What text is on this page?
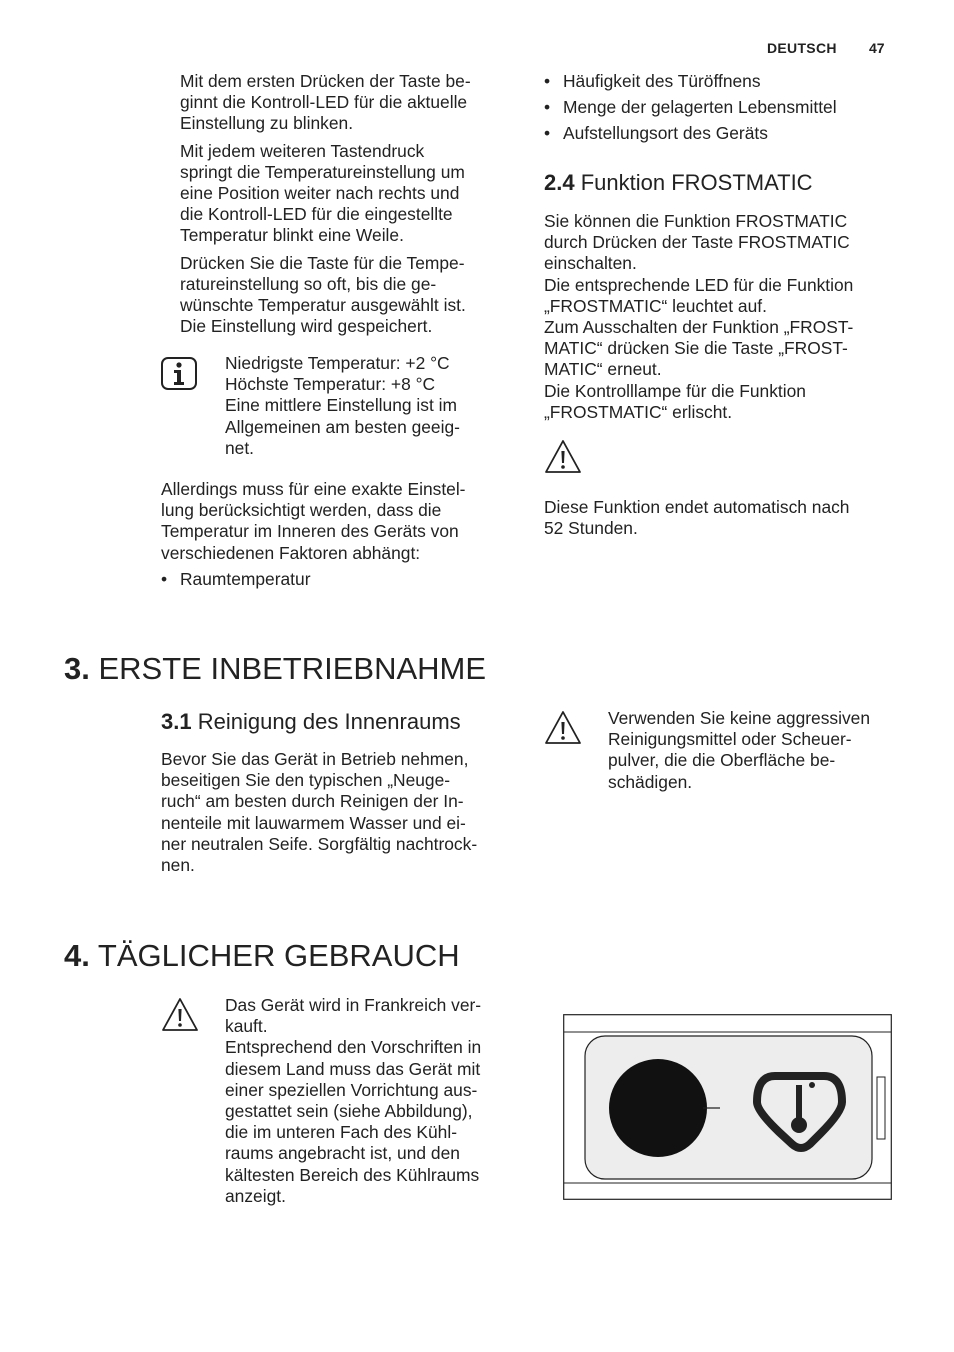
DEUTSCH 47
Mit dem ersten Drücken der Taste be-
ginnt die Kontroll-LED für die aktuelle
Einstellung zu blinken.
Mit jedem weiteren Tastendruck
springt die Temperatureinstellung um
eine Position weiter nach rechts und
die Kontroll-LED für die eingestellte
Temperatur blinkt eine Weile.
Drücken Sie die Taste für die Tempe-
ratureinstellung so oft, bis die ge-
wünschte Temperatur ausgewählt ist.
Die Einstellung wird gespeichert.
Niedrigste Temperatur: +2 °C
Höchste Temperatur: +8 °C
Eine mittlere Einstellung ist im
Allgemeinen am besten geeig-
net.
Allerdings muss für eine exakte Einstel-
lung berücksichtigt werden, dass die
Temperatur im Inneren des Geräts von
verschiedenen Faktoren abhängt:
• Raumtemperatur
• Häufigkeit des Türöffnens
• Menge der gelagerten Lebensmittel
• Aufstellungsort des Geräts
2.4 Funktion FROSTMATIC
Sie können die Funktion FROSTMATIC
durch Drücken der Taste FROSTMATIC
einschalten.
Die entsprechende LED für die Funktion
„FROSTMATIC“ leuchtet auf.
Zum Ausschalten der Funktion „FROST-
MATIC“ drücken Sie die Taste „FROST-
MATIC“ erneut.
Die Kontrolllampe für die Funktion
„FROSTMATIC“ erlischt.
Diese Funktion endet automatisch nach
52 Stunden.
3. ERSTE INBETRIEBNAHME
3.1 Reinigung des Innenraums
Bevor Sie das Gerät in Betrieb nehmen,
beseitigen Sie den typischen „Neuge-
ruch“ am besten durch Reinigen der In-
nenteile mit lauwarmem Wasser und ei-
ner neutralen Seife. Sorgfältig nachtrock-
nen.
Verwenden Sie keine aggressiven
Reinigungsmittel oder Scheuer-
pulver, die die Oberfläche be-
schädigen.
4. TÄGLICHER GEBRAUCH
Das Gerät wird in Frankreich ver-
kauft.
Entsprechend den Vorschriften in
diesem Land muss das Gerät mit
einer speziellen Vorrichtung aus-
gestattet sein (siehe Abbildung),
die im unteren Fach des Kühl-
raums angebracht ist, und den
kältesten Bereich des Kühlraums
anzeigt.
